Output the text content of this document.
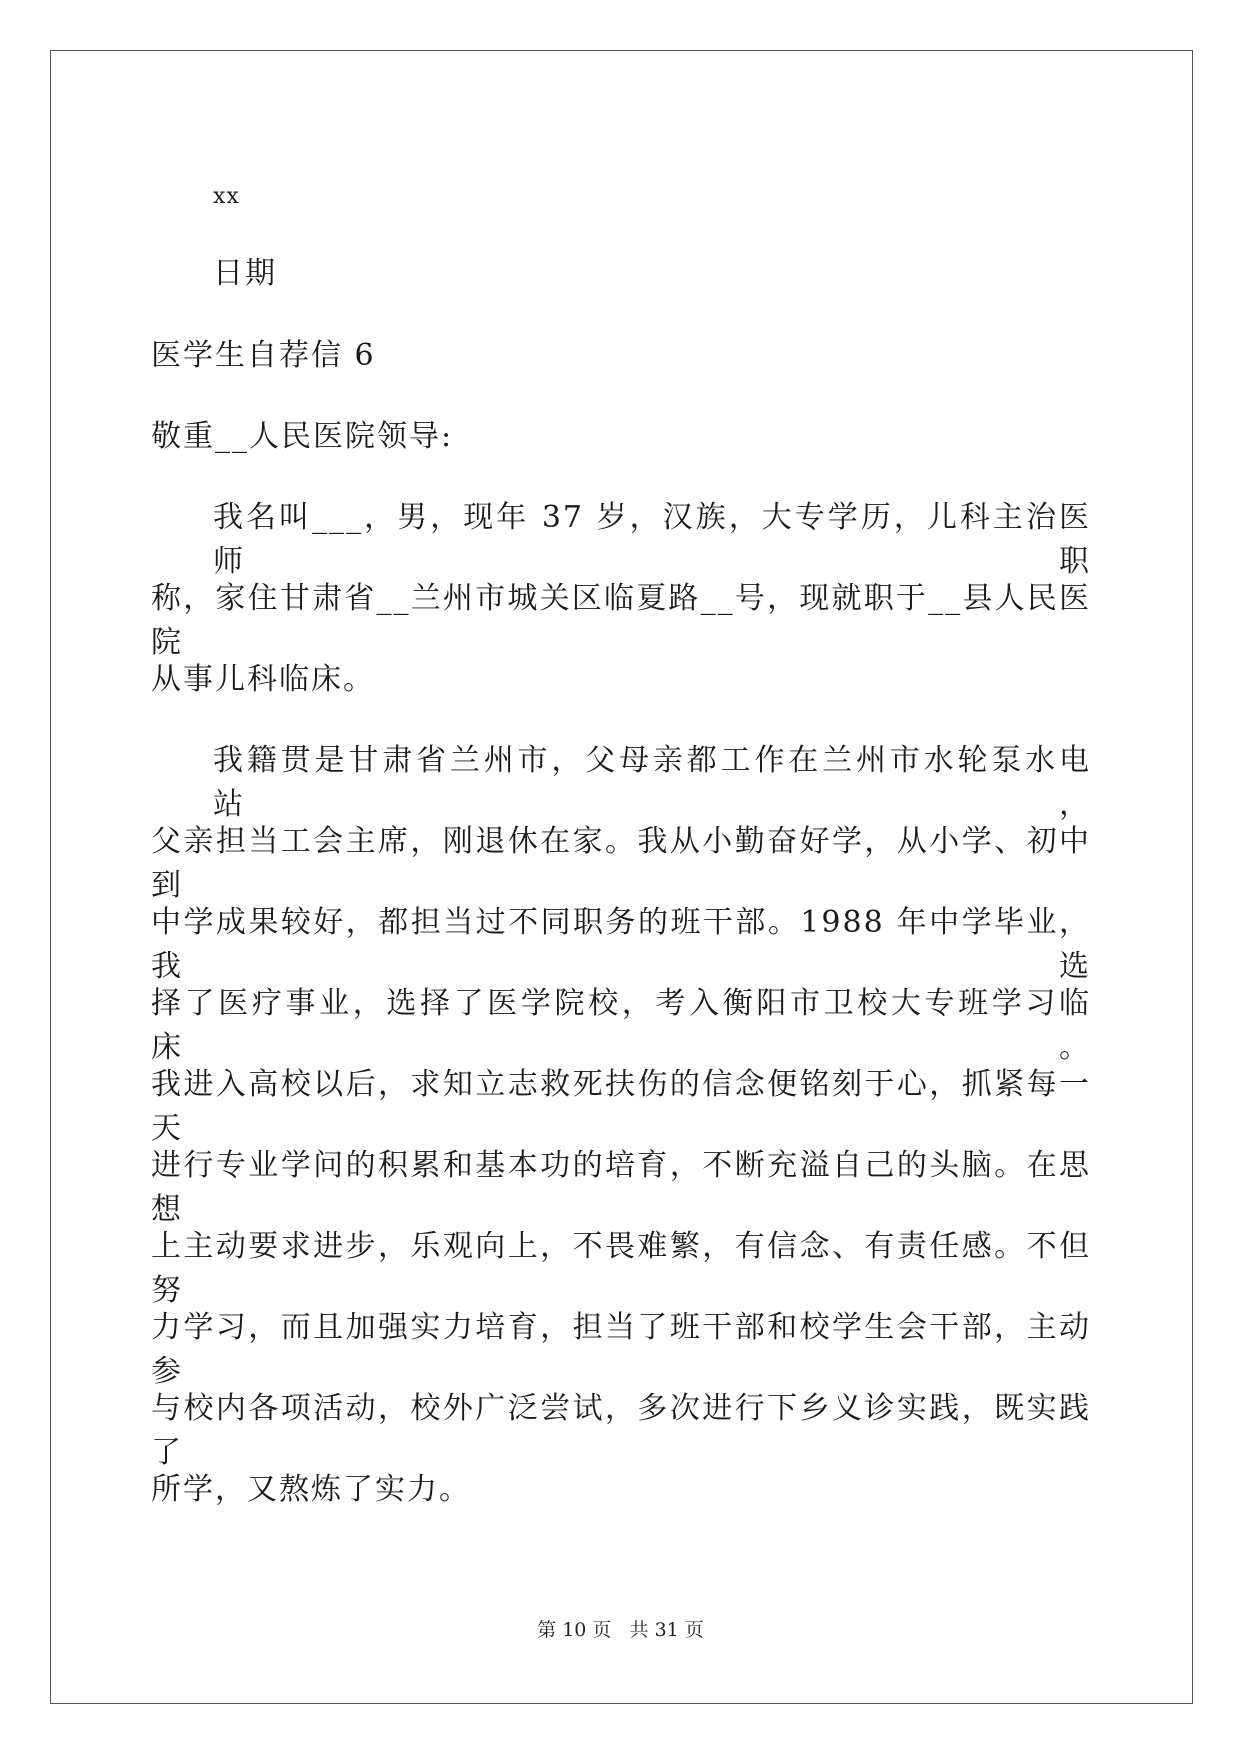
xx
日期
医学生自荐信 6
敬重__人民医院领导:
我名叫___，男，现年 37 岁，汉族，大专学历，儿科主治医师职
称，家住甘肃省__兰州市城关区临夏路__号，现就职于__县人民医院
从事儿科临床。
我籍贯是甘肃省兰州市，父母亲都工作在兰州市水轮泵水电站，
父亲担当工会主席，刚退休在家。我从小勤奋好学，从小学、初中到
中学成果较好，都担当过不同职务的班干部。1988 年中学毕业，我选
择了医疗事业，选择了医学院校，考入衡阳市卫校大专班学习临床。
我进入高校以后，求知立志救死扶伤的信念便铭刻于心，抓紧每一天
进行专业学问的积累和基本功的培育，不断充溢自己的头脑。在思想
上主动要求进步，乐观向上，不畏难繁，有信念、有责任感。不但努
力学习，而且加强实力培育，担当了班干部和校学生会干部，主动参
与校内各项活动，校外广泛尝试，多次进行下乡义诊实践，既实践了
所学，又熬炼了实力。
第 10 页   共 31 页
